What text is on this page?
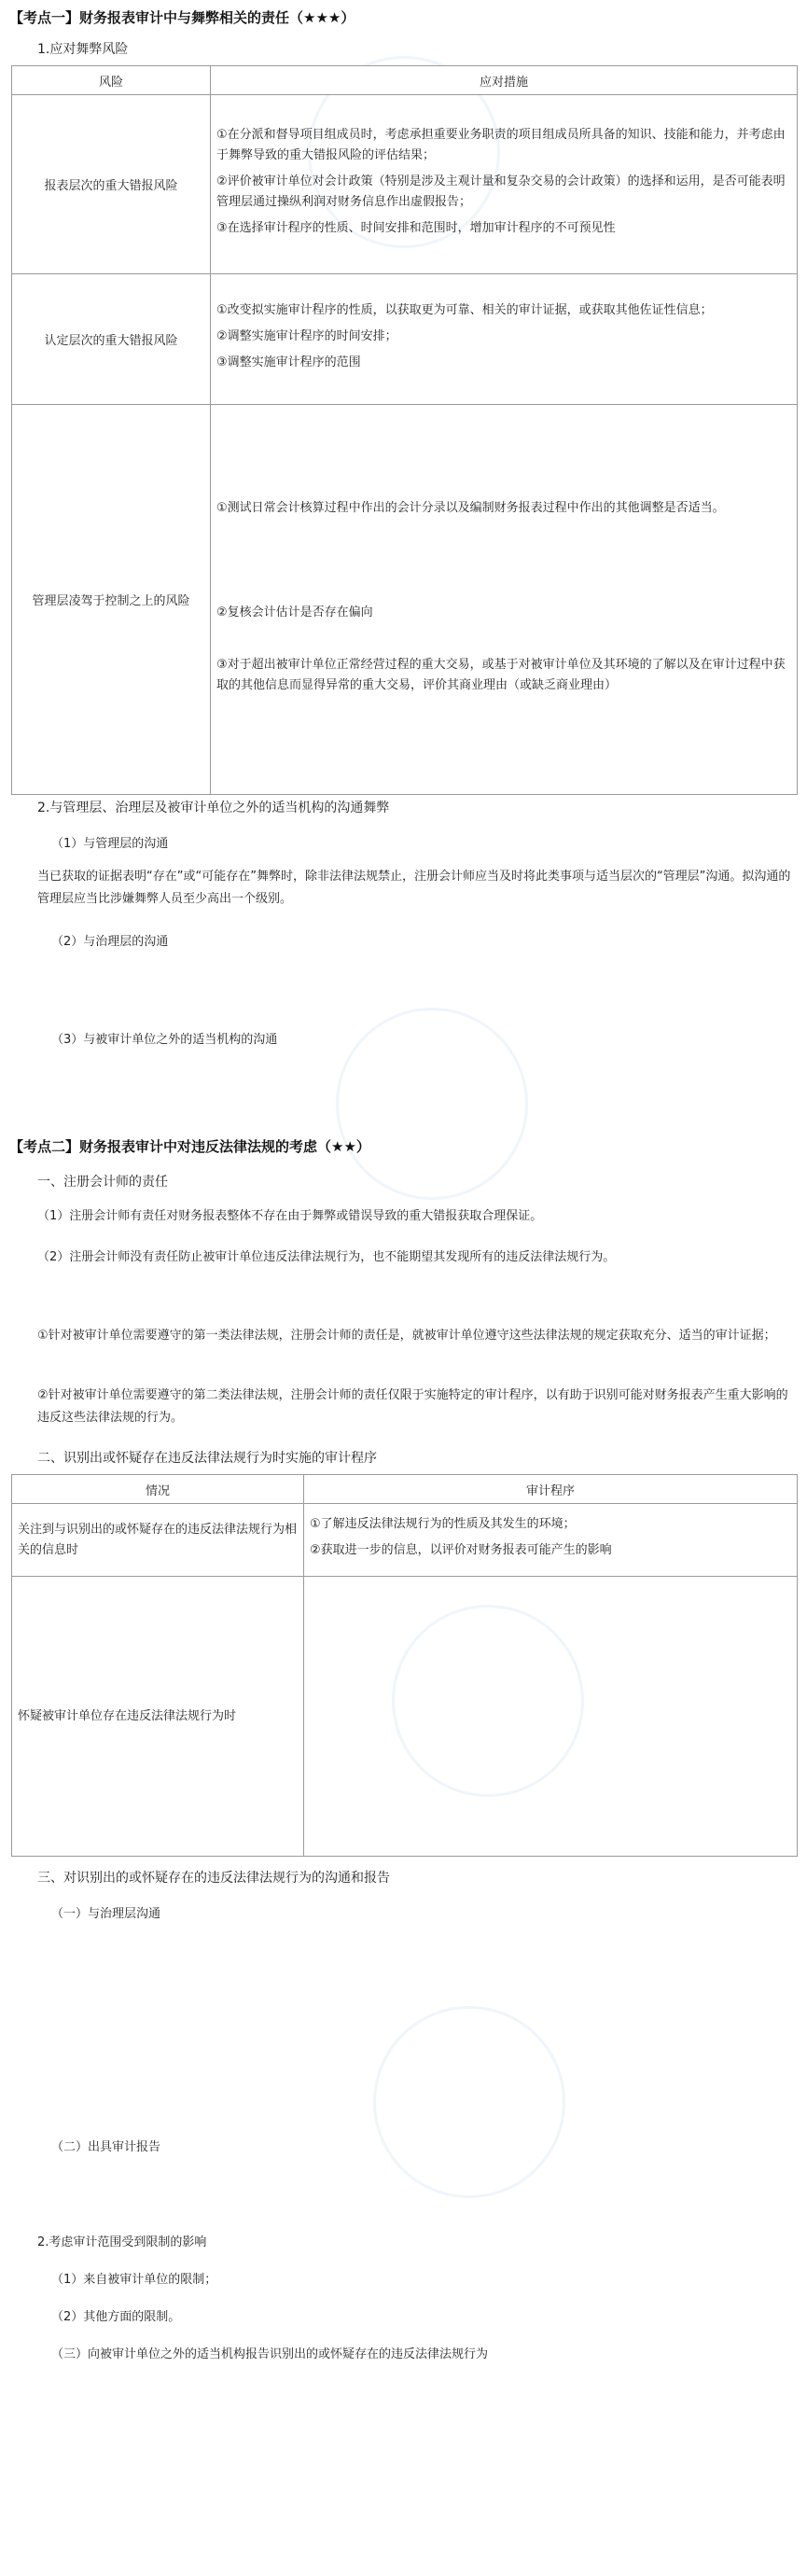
【考点一】财务报表审计中与舞弊相关的责任（★★★）
1.应对舞弊风险
风险	应对措施
报表层次的重大错报风险	①在分派和督导项目组成员时，考虑承担重要业务职责的项目组成员所具备的知识、技能和能力，并考虑由于舞弊导致的重大错报风险的评估结果；
②评价被审计单位对会计政策（特别是涉及主观计量和复杂交易的会计政策）的选择和运用，是否可能表明管理层通过操纵利润对财务信息作出虚假报告；
③在选择审计程序的性质、时间安排和范围时，增加审计程序的不可预见性

认定层次的重大错报风险	①改变拟实施审计程序的性质，以获取更为可靠、相关的审计证据，或获取其他佐证性信息；
②调整实施审计程序的时间安排；
③调整实施审计程序的范围

管理层凌驾于控制之上的风险	①测试日常会计核算过程中作出的会计分录以及编制财务报表过程中作出的其他调整是否适当。
②复核会计估计是否存在偏向
③对于超出被审计单位正常经营过程的重大交易，或基于对被审计单位及其环境的了解以及在审计过程中获取的其他信息而显得异常的重大交易，评价其商业理由（或缺乏商业理由）
2.与管理层、治理层及被审计单位之外的适当机构的沟通舞弊
（1）与管理层的沟通
当已获取的证据表明“存在”或“可能存在”舞弊时，除非法律法规禁止，注册会计师应当及时将此类事项与适当层次的“管理层”沟通。拟沟通的管理层应当比涉嫌舞弊人员至少高出一个级别。
（2）与治理层的沟通
（3）与被审计单位之外的适当机构的沟通
【考点二】财务报表审计中对违反法律法规的考虑（★★）
一、注册会计师的责任
（1）注册会计师有责任对财务报表整体不存在由于舞弊或错误导致的重大错报获取合理保证。
（2）注册会计师没有责任防止被审计单位违反法律法规行为，也不能期望其发现所有的违反法律法规行为。
①针对被审计单位需要遵守的第一类法律法规，注册会计师的责任是，就被审计单位遵守这些法律法规的规定获取充分、适当的审计证据；
②针对被审计单位需要遵守的第二类法律法规，注册会计师的责任仅限于实施特定的审计程序，以有助于识别可能对财务报表产生重大影响的违反这些法律法规的行为。
二、识别出或怀疑存在违反法律法规行为时实施的审计程序
情况	审计程序
关注到与识别出的或怀疑存在的违反法律法规行为相关的信息时	①了解违反法律法规行为的性质及其发生的环境；
②获取进一步的信息，以评价对财务报表可能产生的影响

怀疑被审计单位存在违反法律法规行为时	
三、对识别出的或怀疑存在的违反法律法规行为的沟通和报告
（一）与治理层沟通
（二）出具审计报告
2.考虑审计范围受到限制的影响
（1）来自被审计单位的限制；
（2）其他方面的限制。
（三）向被审计单位之外的适当机构报告识别出的或怀疑存在的违反法律法规行为
